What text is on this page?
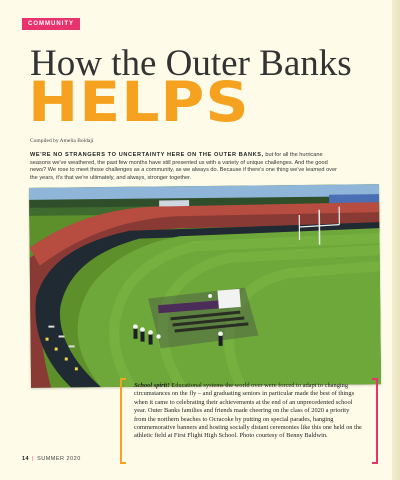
COMMUNITY
How the Outer Banks
HELPS
Compiled by Amelia Boldaji
WE'RE NO STRANGERS TO UNCERTAINTY HERE ON THE OUTER BANKS, but for all the hurricane seasons we've weathered, the past few months have still presented us with a variety of unique challenges. And the good news? We rose to meet those challenges as a community, as we always do. Because if there's one thing we've learned over the years, it's that we're ultimately, and always, stronger together.
School spirit! Educational systems the world over were forced to adapt to changing circumstances on the fly – and graduating seniors in particular made the best of things when it came to celebrating their achievements at the end of an unprecedented school year. Outer Banks families and friends made cheering on the class of 2020 a priority from the northern beaches to Ocracoke by putting on special parades, hanging commemorative banners and hosting socially distant ceremonies like this one held on the athletic field at First Flight High School. Photo courtesy of Benny Baldwin.
14 | SUMMER 2020
